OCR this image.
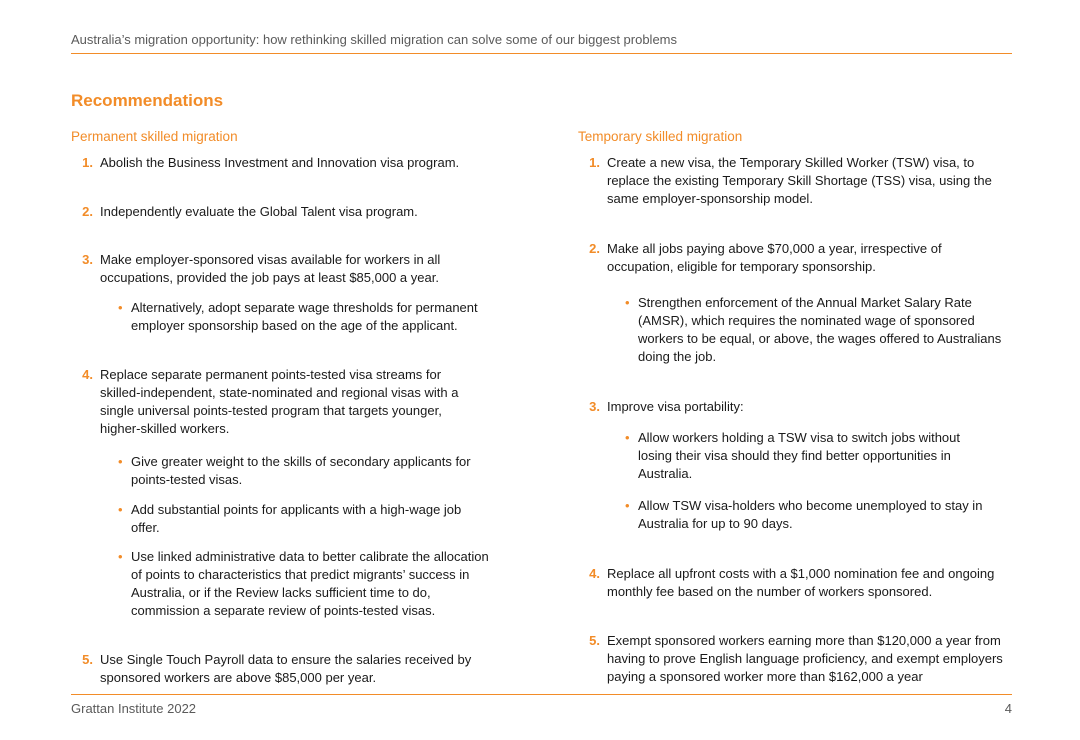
Australia’s migration opportunity: how rethinking skilled migration can solve some of our biggest problems
Recommendations
Permanent skilled migration
1. Abolish the Business Investment and Innovation visa program.
2. Independently evaluate the Global Talent visa program.
3. Make employer-sponsored visas available for workers in all occupations, provided the job pays at least $85,000 a year.
• Alternatively, adopt separate wage thresholds for permanent employer sponsorship based on the age of the applicant.
4. Replace separate permanent points-tested visa streams for skilled-independent, state-nominated and regional visas with a single universal points-tested program that targets younger, higher-skilled workers.
• Give greater weight to the skills of secondary applicants for points-tested visas.
• Add substantial points for applicants with a high-wage job offer.
• Use linked administrative data to better calibrate the allocation of points to characteristics that predict migrants’ success in Australia, or if the Review lacks sufficient time to do, commission a separate review of points-tested visas.
5. Use Single Touch Payroll data to ensure the salaries received by sponsored workers are above $85,000 per year.
Temporary skilled migration
1. Create a new visa, the Temporary Skilled Worker (TSW) visa, to replace the existing Temporary Skill Shortage (TSS) visa, using the same employer-sponsorship model.
2. Make all jobs paying above $70,000 a year, irrespective of occupation, eligible for temporary sponsorship.
• Strengthen enforcement of the Annual Market Salary Rate (AMSR), which requires the nominated wage of sponsored workers to be equal, or above, the wages offered to Australians doing the job.
3. Improve visa portability:
• Allow workers holding a TSW visa to switch jobs without losing their visa should they find better opportunities in Australia.
• Allow TSW visa-holders who become unemployed to stay in Australia for up to 90 days.
4. Replace all upfront costs with a $1,000 nomination fee and ongoing monthly fee based on the number of workers sponsored.
5. Exempt sponsored workers earning more than $120,000 a year from having to prove English language proficiency, and exempt employers paying a sponsored worker more than $162,000 a year
Grattan Institute 2022	4
